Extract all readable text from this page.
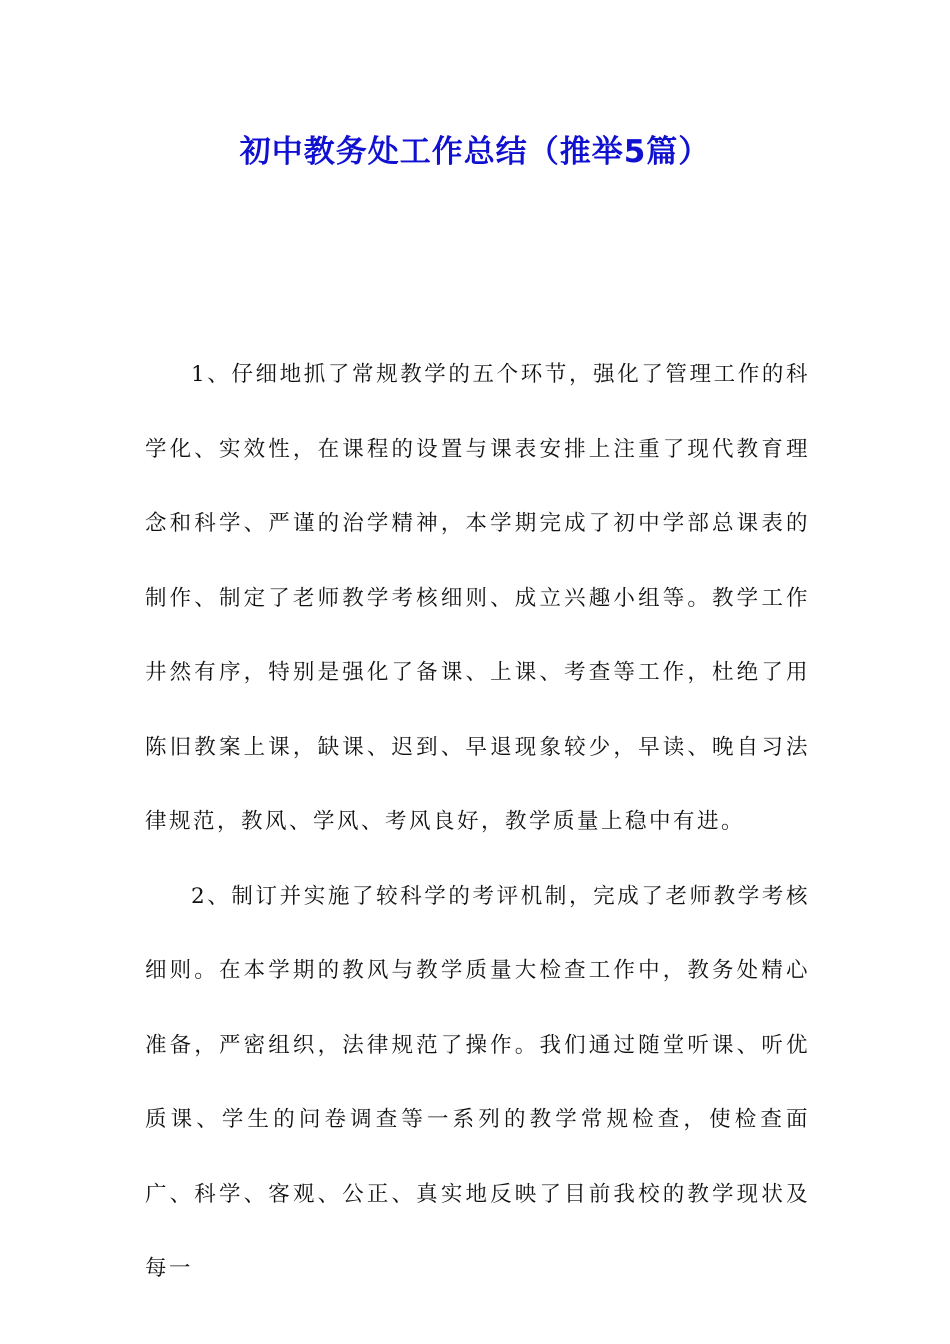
初中教务处工作总结（推举5篇）

1、仔细地抓了常规教学的五个环节，强化了管理工作的科学化、实效性，在课程的设置与课表安排上注重了现代教育理念和科学、严谨的治学精神，本学期完成了初中学部总课表的制作、制定了老师教学考核细则、成立兴趣小组等。教学工作井然有序，特别是强化了备课、上课、考查等工作，杜绝了用陈旧教案上课，缺课、迟到、早退现象较少，早读、晚自习法律规范，教风、学风、考风良好，教学质量上稳中有进。

2、制订并实施了较科学的考评机制，完成了老师教学考核细则。在本学期的教风与教学质量大检查工作中，教务处精心准备，严密组织，法律规范了操作。我们通过随堂听课、听优质课、学生的问卷调查等一系列的教学常规检查，使检查面广、科学、客观、公正、真实地反映了目前我校的教学现状及每一
